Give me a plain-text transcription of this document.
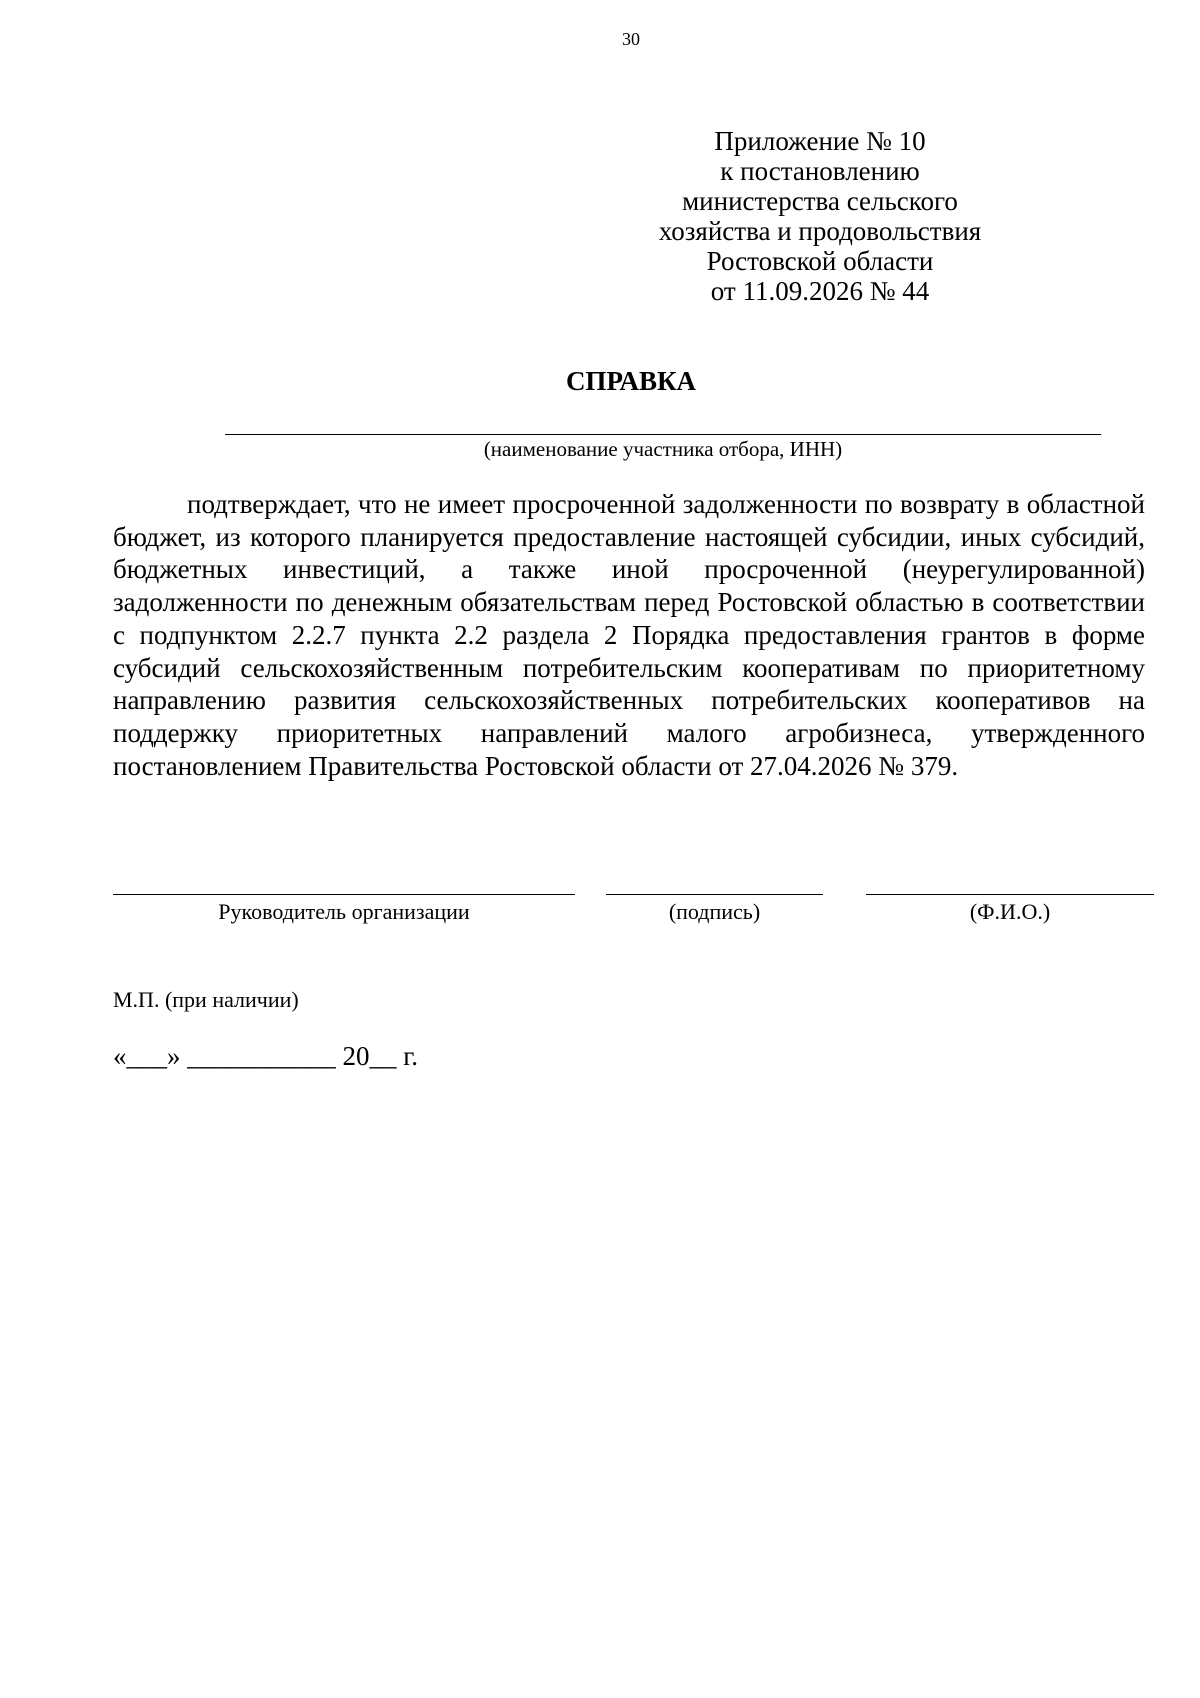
30
Приложение № 10
к постановлению
министерства сельского
хозяйства и продовольствия
Ростовской области
от 11.09.2026 № 44
СПРАВКА
(наименование участника отбора, ИНН)

подтверждает, что не имеет просроченной задолженности по возврату в областной бюджет, из которого планируется предоставление настоящей субсидии, иных субсидий, бюджетных инвестиций, а также иной просроченной (неурегулированной) задолженности по денежным обязательствам перед Ростовской областью в соответствии с подпунктом 2.2.7 пункта 2.2 раздела 2 Порядка предоставления грантов в форме субсидий сельскохозяйственным потребительским кооперативам по приоритетному направлению развития сельскохозяйственных потребительских кооперативов на поддержку приоритетных направлений малого агробизнеса, утвержденного постановлением Правительства Ростовской области от 27.04.2026 № 379.

Руководитель организации	(подпись)	(Ф.И.О.)
М.П. (при наличии)
«___» ___________ 20__ г.
